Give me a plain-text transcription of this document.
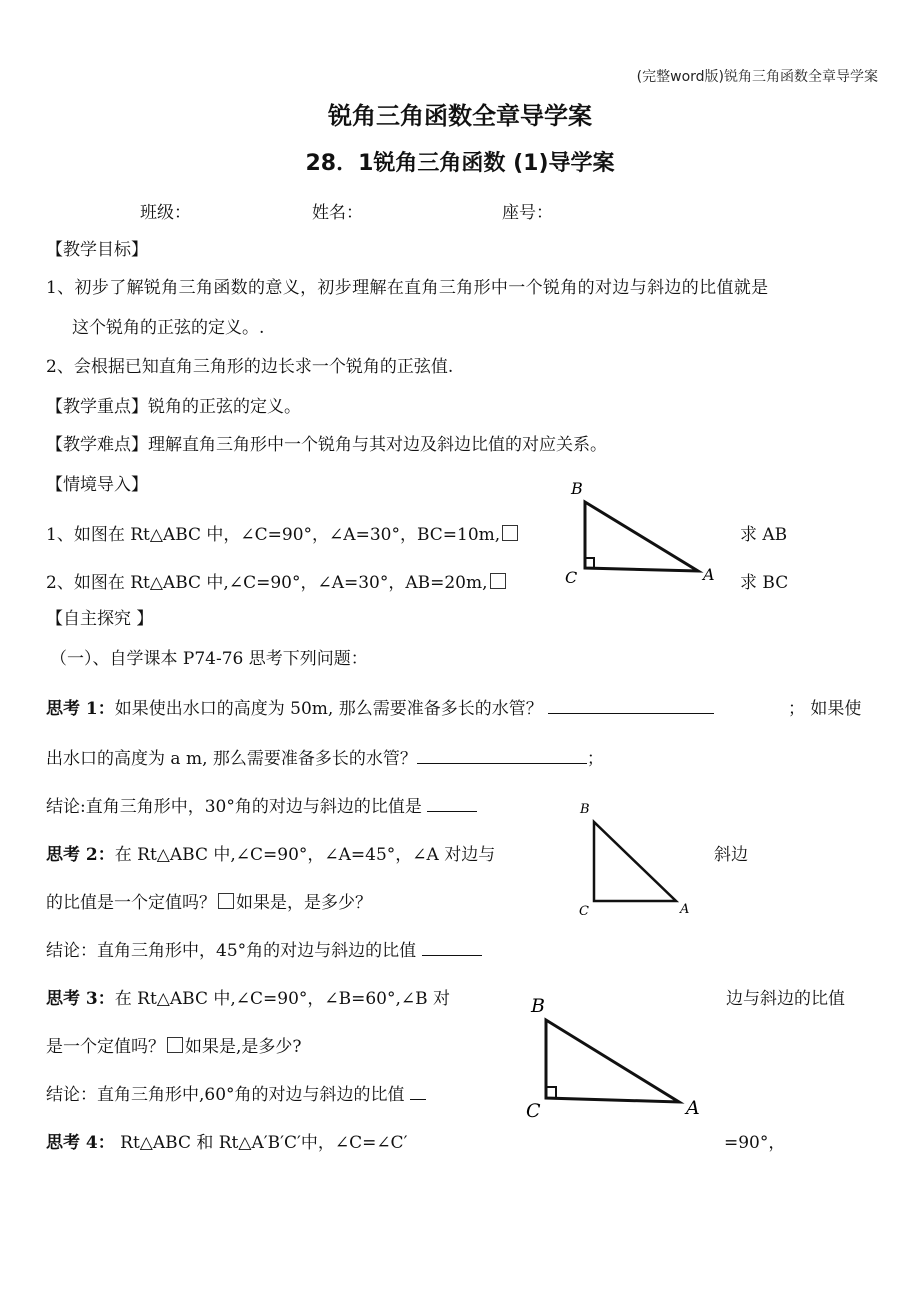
(完整word版)锐角三角函数全章导学案
锐角三角函数全章导学案
28．1锐角三角函数 (1)导学案
班级：	姓名：	座号：
【教学目标】
1、初步了解锐角三角函数的意义，初步理解在直角三角形中一个锐角的对边与斜边的比值就是
这个锐角的正弦的定义。.
2、会根据已知直角三角形的边长求一个锐角的正弦值.
【教学重点】锐角的正弦的定义。
【教学难点】理解直角三角形中一个锐角与其对边及斜边比值的对应关系。
【情境导入】
1、如图在 Rt△ABC 中，∠C=90°，∠A=30°，BC=10m,	求 AB
2、如图在 Rt△ABC 中,∠C=90°，∠A=30°，AB=20m,	求 BC
B
C	A
【自主探究 】
（一）、自学课本 P74-76 思考下列问题：
思考 1：如果使出水口的高度为 50m, 那么需要准备多长的水管？	； 如果使
出水口的高度为 a m, 那么需要准备多长的水管？	；
结论:直角三角形中，30°角的对边与斜边的比值是	B
C	A
思考 2：在 Rt△ABC 中,∠C=90°，∠A=45°，∠A 对边与	斜边
的比值是一个定值吗？ 如果是，是多少？
结论：直角三角形中，45°角的对边与斜边的比值
思考 3：在 Rt△ABC 中,∠C=90°，∠B=60°,∠B 对	边与斜边的比值
是一个定值吗？ 如果是,是多少?
B
C	A
结论：直角三角形中,60°角的对边与斜边的比值
思考 4： Rt△ABC 和 Rt△A′B′C′中，∠C=∠C′	=90°，
